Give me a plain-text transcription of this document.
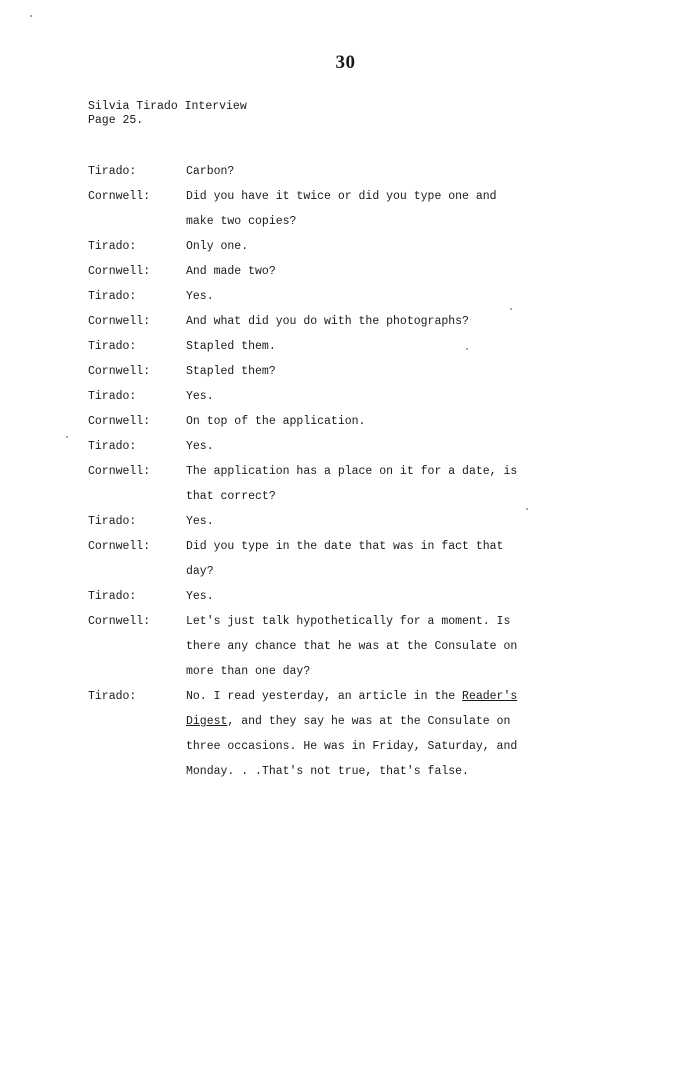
30
Silvia Tirado Interview
Page 25.
Tirado:	Carbon?
Cornwell:	Did you have it twice or did you type one and
make two copies?
Tirado:	Only one.
Cornwell:	And made two?
Tirado:	Yes.
Cornwell:	And what did you do with the photographs?
Tirado:	Stapled them.
Cornwell:	Stapled them?
Tirado:	Yes.
Cornwell:	On top of the application.
Tirado:	Yes.
Cornwell:	The application has a place on it for a date, is
that correct?
Tirado:	Yes.
Cornwell:	Did you type in the date that was in fact that
day?
Tirado:	Yes.
Cornwell:	Let's just talk hypothetically for a moment. Is
there any chance that he was at the Consulate on
more than one day?
Tirado:	No. I read yesterday, an article in the Reader's
Digest, and they say he was at the Consulate on
three occasions. He was in Friday, Saturday, and
Monday. . .That's not true, that's false.
